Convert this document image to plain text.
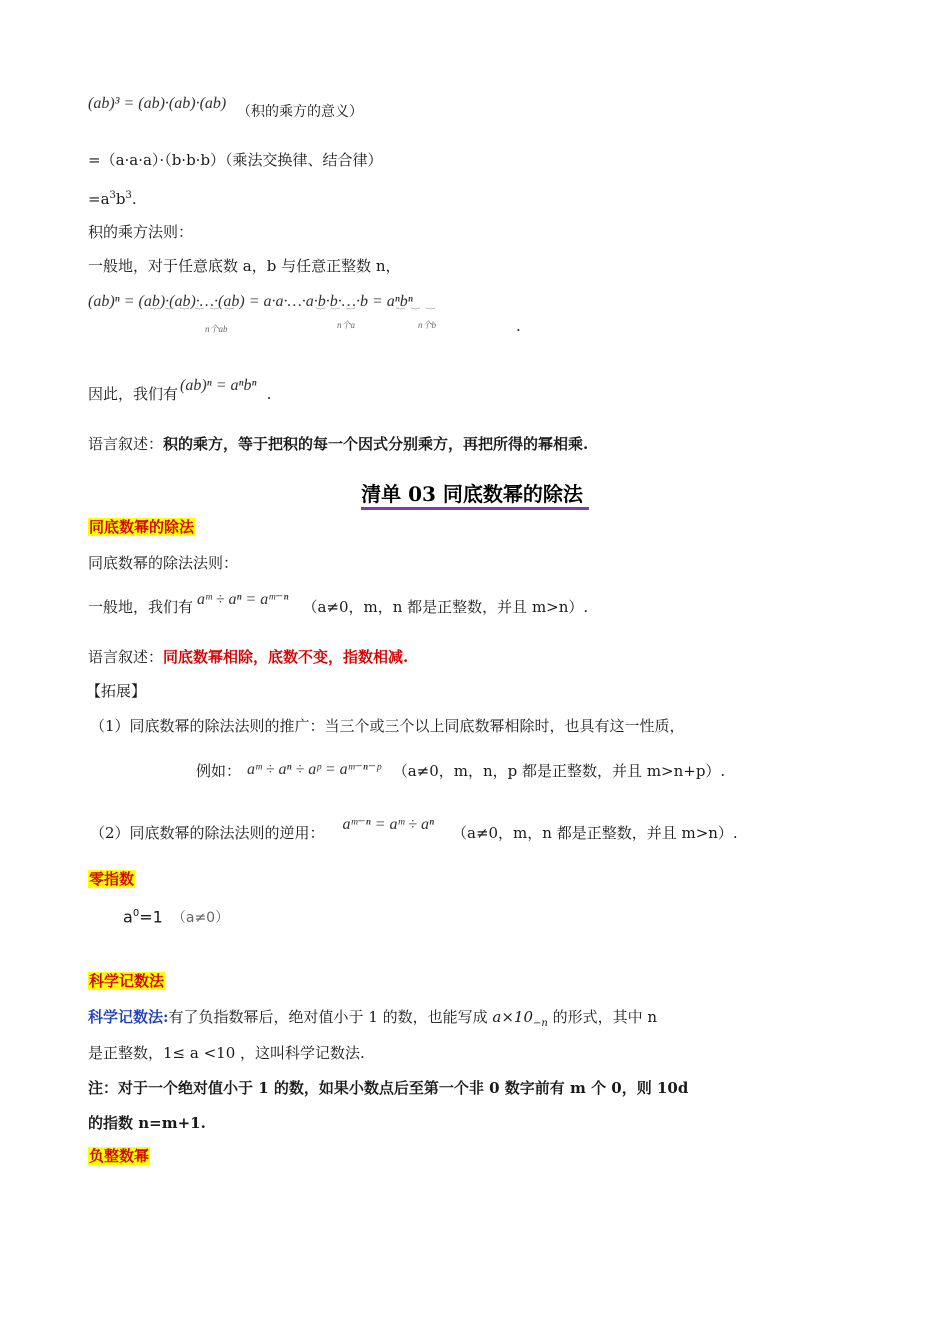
(ab)³ = (ab)·(ab)·(ab) （积的乘方的意义）
=（a·a·a）·（b·b·b）（乘法交换律、结合律）
$=a^3b^3$.
积的乘方法则：
一般地，对于任意底数 a，b 与任意正整数 n，
(ab)ⁿ = (ab)·(ab)·…·(ab) = a·a·…·a·b·b·…·b = aⁿbⁿ
︸︸︸︸︸︸	︸︸︸	︸︸︸
n个ab	n个a	n个b	.
因此，我们有 (ab)ⁿ = aⁿbⁿ .
语言叙述：积的乘方，等于把积的每一个因式分别乘方，再把所得的幂相乘.
清单 03 同底数幂的除法
同底数幂的除法
同底数幂的除法法则：
一般地，我们有 aᵐ ÷ aⁿ = aᵐ⁻ⁿ （a≠0，m，n 都是正整数，并且 m>n）.
语言叙述：同底数幂相除，底数不变，指数相减.
【拓展】
（1）同底数幂的除法法则的推广：当三个或三个以上同底数幂相除时，也具有这一性质，
例如： aᵐ ÷ aⁿ ÷ aᵖ = aᵐ⁻ⁿ⁻ᵖ （a≠0，m，n，p 都是正整数，并且 m>n+p）.
（2）同底数幂的除法法则的逆用： aᵐ⁻ⁿ = aᵐ ÷ aⁿ （a≠0，m，n 都是正整数，并且 m>n）.
零指数
$a^0=1$ （a≠0）
科学记数法
科学记数法:有了负指数幂后，绝对值小于 1 的数，也能写成 $a\times 10_{-n}$ 的形式，其中 n
是正整数，1≤ a <10 ，这叫科学记数法.
注：对于一个绝对值小于 1 的数，如果小数点后至第一个非 0 数字前有 m 个 0，则 10d
的指数 n=m+1.
负整数幂
